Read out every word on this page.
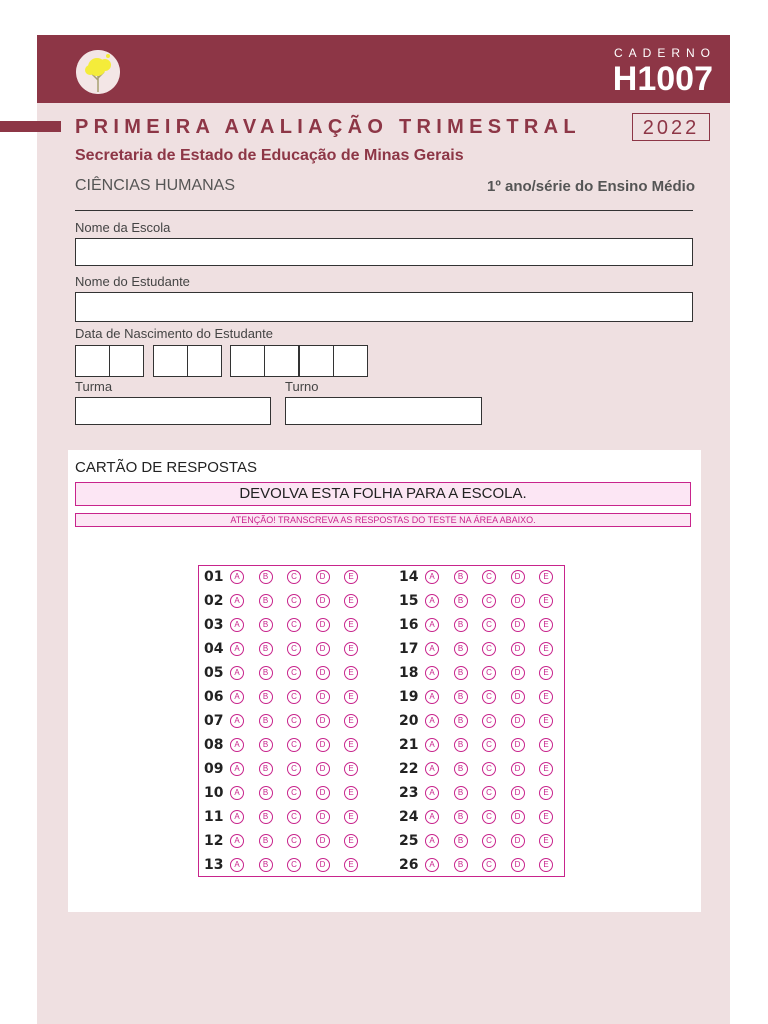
CADERNO
H1007
PRIMEIRA AVALIAÇÃO TRIMESTRAL	2022
Secretaria de Estado de Educação de Minas Gerais
CIÊNCIAS HUMANAS	1º ano/série do Ensino Médio
Nome da Escola
Nome do Estudante
Data de Nascimento do Estudante
Turma	Turno
CARTÃO DE RESPOSTAS
DEVOLVA ESTA FOLHA PARA A ESCOLA.
ATENÇÃO! TRANSCREVA AS RESPOSTAS DO TESTE NA ÁREA ABAIXO.
01	A	B	C	D	E
02	A	B	C	D	E
03	A	B	C	D	E
04	A	B	C	D	E
05	A	B	C	D	E
06	A	B	C	D	E
07	A	B	C	D	E
08	A	B	C	D	E
09	A	B	C	D	E
10	A	B	C	D	E
11	A	B	C	D	E
12	A	B	C	D	E
13	A	B	C	D	E
14	A	B	C	D	E
15	A	B	C	D	E
16	A	B	C	D	E
17	A	B	C	D	E
18	A	B	C	D	E
19	A	B	C	D	E
20	A	B	C	D	E
21	A	B	C	D	E
22	A	B	C	D	E
23	A	B	C	D	E
24	A	B	C	D	E
25	A	B	C	D	E
26	A	B	C	D	E
